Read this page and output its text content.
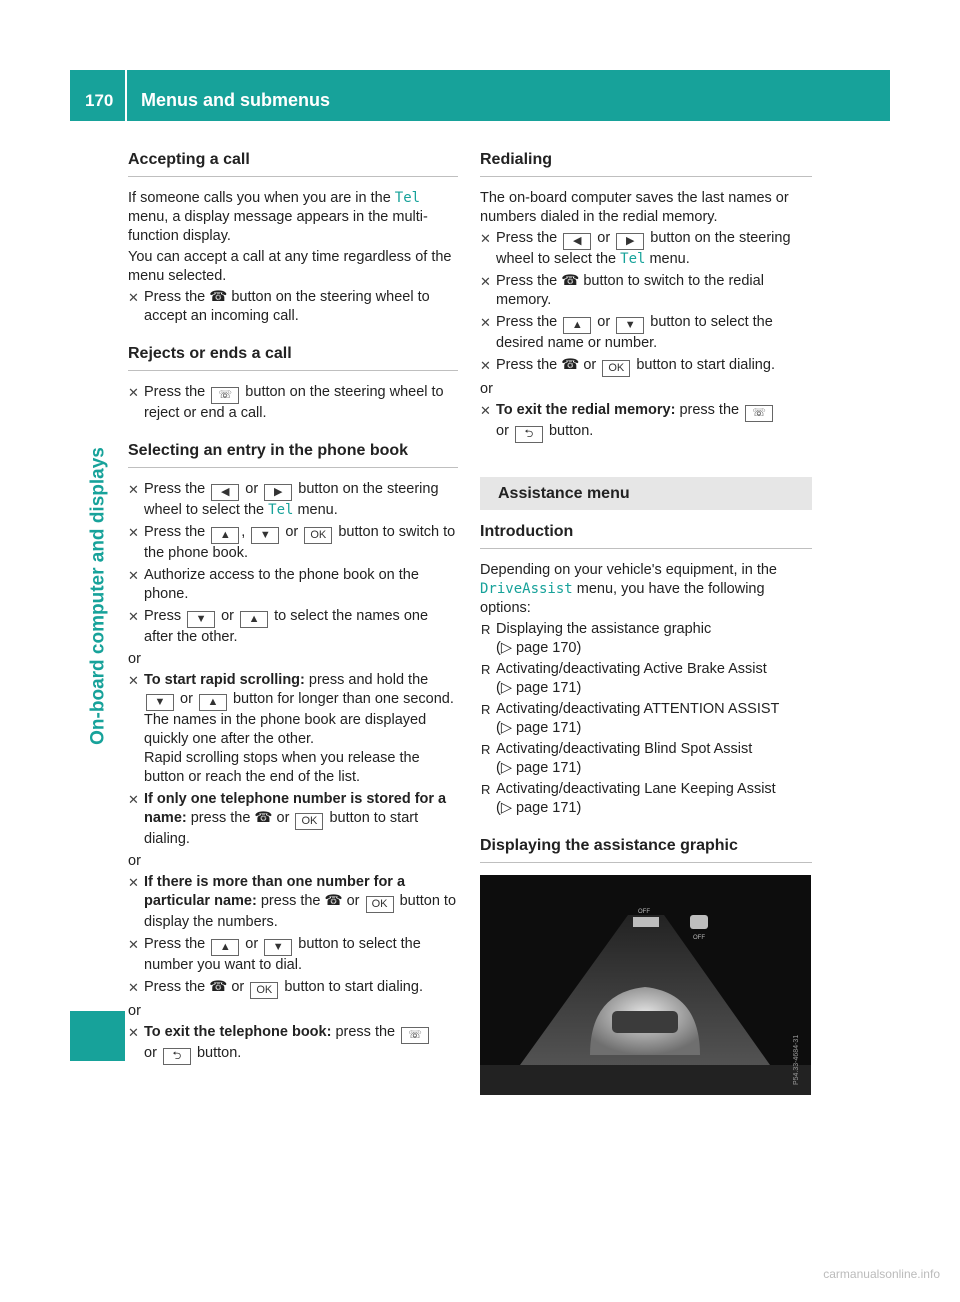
170 Menus and submenus
On-board computer and displays
Accepting a call

If someone calls you when you are in the Tel menu, a display message appears in the multi-function display.

You can accept a call at any time regardless of the menu selected.

✕ Press the ☎ button on the steering wheel to accept an incoming call.
Rejects or ends a call
✕ Press the ☏ button on the steering wheel to reject or end a call.
Selecting an entry in the phone book
✕ Press the ◀ or ▶ button on the steering wheel to select the Tel menu.
✕ Press the ▲ , ▼ or OK button to switch to the phone book.
✕ Authorize access to the phone book on the phone.
✕ Press ▼ or ▲ to select the names one after the other.
or
✕ To start rapid scrolling: press and hold the ▼ or ▲ button for longer than one second.
The names in the phone book are displayed quickly one after the other.
Rapid scrolling stops when you release the button or reach the end of the list.
✕ If only one telephone number is stored for a name: press the ☎ or OK button to start dialing.
or
✕ If there is more than one number for a particular name: press the ☎ or OK button to display the numbers.
✕ Press the ▲ or ▼ button to select the number you want to dial.
✕ Press the ☎ or OK button to start dialing.
or
✕ To exit the telephone book: press the ☏
or ⮌ button.
Redialing

The on-board computer saves the last names or numbers dialed in the redial memory.

✕ Press the ◀ or ▶ button on the steering wheel to select the Tel menu.
✕ Press the ☎ button to switch to the redial memory.
✕ Press the ▲ or ▼ button to select the desired name or number.
✕ Press the ☎ or OK button to start dialing.
or
✕ To exit the redial memory: press the ☏
or ⮌ button.
Assistance menu
Introduction

Depending on your vehicle's equipment, in the DriveAssist menu, you have the following options:

R Displaying the assistance graphic
(▷ page 170)
R Activating/deactivating Active Brake Assist
(▷ page 171)
R Activating/deactivating ATTENTION ASSIST
(▷ page 171)
R Activating/deactivating Blind Spot Assist
(▷ page 171)
R Activating/deactivating Lane Keeping Assist
(▷ page 171)
Displaying the assistance graphic
OFF
OFF
P54.33-4684-31
carmanualsonline.info
